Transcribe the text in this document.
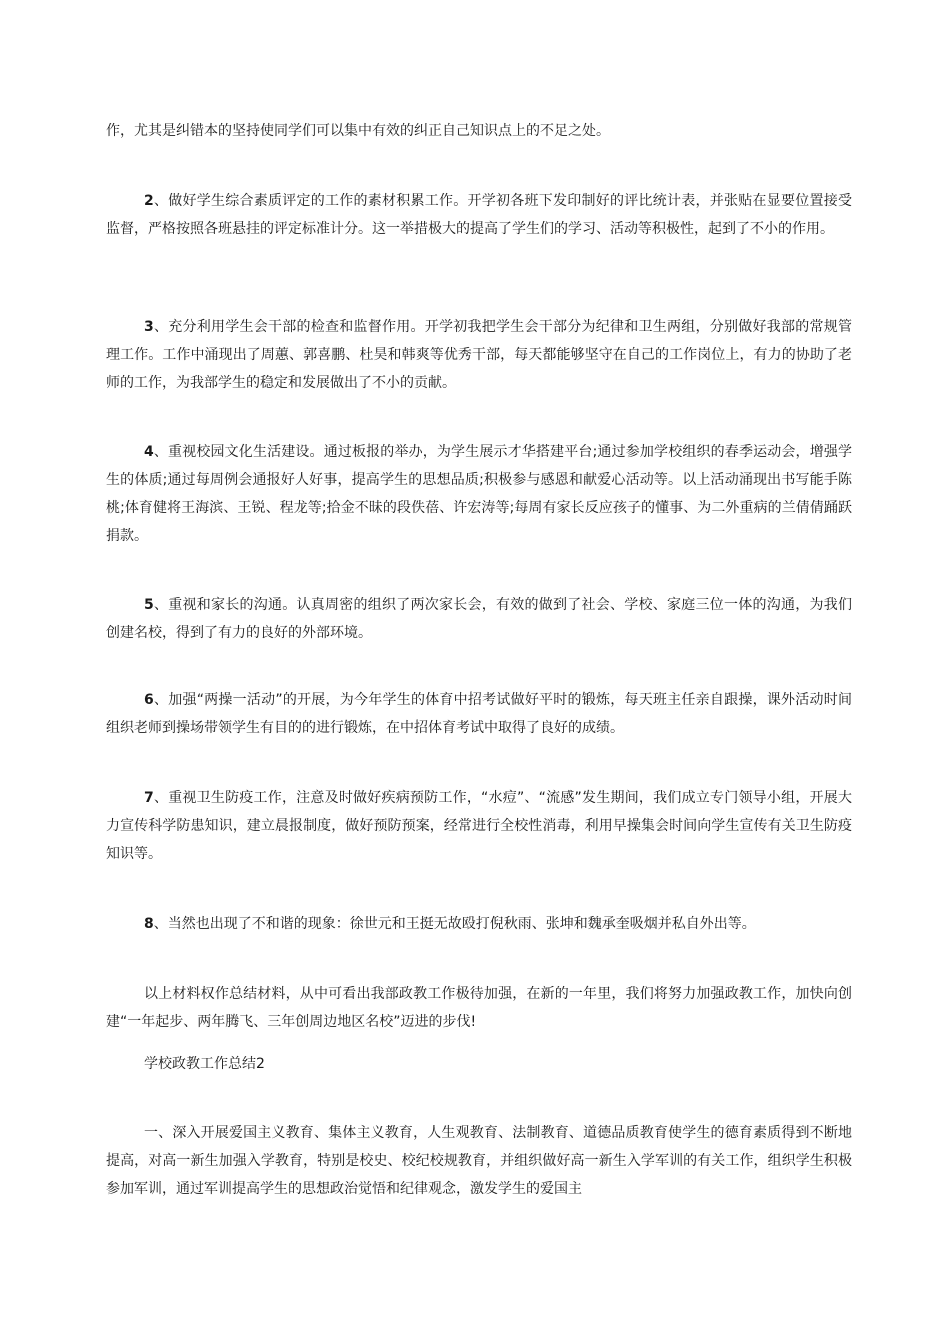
作，尤其是纠错本的坚持使同学们可以集中有效的纠正自己知识点上的不足之处。

2、做好学生综合素质评定的工作的素材积累工作。开学初各班下发印制好的评比统计表，并张贴在显要位置接受监督，严格按照各班悬挂的评定标准计分。这一举措极大的提高了学生们的学习、活动等积极性，起到了不小的作用。

3、充分利用学生会干部的检查和监督作用。开学初我把学生会干部分为纪律和卫生两组，分别做好我部的常规管理工作。工作中涌现出了周蕙、郭喜鹏、杜昊和韩爽等优秀干部，每天都能够坚守在自己的工作岗位上，有力的协助了老师的工作，为我部学生的稳定和发展做出了不小的贡献。

4、重视校园文化生活建设。通过板报的举办，为学生展示才华搭建平台;通过参加学校组织的春季运动会，增强学生的体质;通过每周例会通报好人好事，提高学生的思想品质;积极参与感恩和献爱心活动等。以上活动涌现出书写能手陈桃;体育健将王海滨、王锐、程龙等;拾金不昧的段佚蓓、许宏涛等;每周有家长反应孩子的懂事、为二外重病的兰倩倩踊跃捐款。

5、重视和家长的沟通。认真周密的组织了两次家长会，有效的做到了社会、学校、家庭三位一体的沟通，为我们创建名校，得到了有力的良好的外部环境。

6、加强“两操一活动”的开展，为今年学生的体育中招考试做好平时的锻炼，每天班主任亲自跟操，课外活动时间组织老师到操场带领学生有目的的进行锻炼，在中招体育考试中取得了良好的成绩。

7、重视卫生防疫工作，注意及时做好疾病预防工作，“水痘”、“流感”发生期间，我们成立专门领导小组，开展大力宣传科学防患知识，建立晨报制度，做好预防预案，经常进行全校性消毒，利用早操集会时间向学生宣传有关卫生防疫知识等。

8、当然也出现了不和谐的现象：徐世元和王挺无故殴打倪秋雨、张坤和魏承奎吸烟并私自外出等。

以上材料权作总结材料，从中可看出我部政教工作极待加强，在新的一年里，我们将努力加强政教工作，加快向创建“一年起步、两年腾飞、三年创周边地区名校”迈进的步伐!

学校政教工作总结2

一、深入开展爱国主义教育、集体主义教育，人生观教育、法制教育、道德品质教育使学生的德育素质得到不断地提高，对高一新生加强入学教育，特别是校史、校纪校规教育，并组织做好高一新生入学军训的有关工作，组织学生积极参加军训，通过军训提高学生的思想政治觉悟和纪律观念，激发学生的爱国主
